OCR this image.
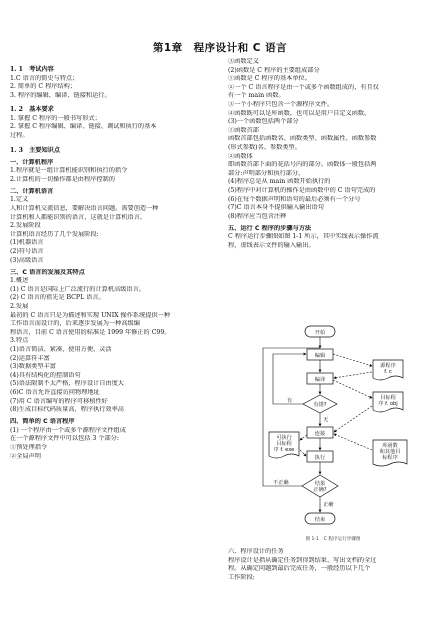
第1章　程序设计和 C 语言
1. 1　考试内容
1.C 语言的简史与特点；
2. 简单的 C 程序结构；
3. 程序的编辑、编译、链接和运行。
1. 2　基本要求
1. 掌握 C 程序的一般书写形式；
2. 掌握 C 程序编辑、编译、链接、调试和执行的基本
过程。
1. 3　主要知识点
一、计算机程序
1.程序就是一组计算机能识别和执行的指令
2.计算机的一切操作都是由程序控制的
二、计算机语言
1.定义
人和计算机交流信息，要解决语言问题。需要创造一种
计算机和人都能识别的语言，这就是计算机语言。
2.发展阶段
计算机语言经历了几个发展阶段:
(1)机器语言
(2)符号语言
(3)高级语言
三、C 语言的发展及其特点
1.概述
(1) C 语言是国际上广泛流行的计算机高级语言。
(2) C 语言的祖先是 BCPL 语言。
2.发展
最初的 C 语言只是为描述和实现 UNIX 操作系统提供一种
工作语言而设计的，后来逐步发展为一种高级编
程语言，目前 C 语言使用的标准是 1999 年修正的 C99。
3.特点
(1)语言简洁、紧凑，使用方便、灵活
(2)运算符丰富
(3)数据类型丰富
(4)具有结构化的控制语句
(5)语法限制不太严格，程序设计自由度大
(6)C 语言允许直接访问物理地址
(7)用 C 语言编写的程序可移植性好
(8)生成目标代码质量高，程序执行效率高
四、简单的 C 语言程序
(1) 一个程序由一个或多个源程序文件组成
在一个源程序文件中可以包括 3 个部分:
①预处理指令
②全局声明
③函数定义
(2)函数是 C 程序的主要组成部分
①函数是 C 程序的基本单位。
②一个 C 语言程序是由一个或多个函数组成的，有且仅
有一个 main 函数。
③一个小程序只包含一个源程序文件。
④函数既可以是库函数，也可以是用户自定义函数。
(3)一个函数包括两个部分
①函数首部
函数首部包括函数名、函数类型、函数属性、函数参数
(形式参数)名、参数类型。
②函数体
即函数首部下面的花括号内的部分。函数体一般包括两
部分:声明部分和执行部分。
(4)程序总是从 main 函数开始执行的
(5)程序中对计算机的操作是由函数中的 C 语句完成的
(6)在每个数据声明和语句的最后必须有一个分号
(7)C 语言本身不提供输入输出语句
(8)程序应当包含注释
五、运行 C 程序的步骤与方法
C 程序运行步骤图如图 1-1 所示，其中实线表示操作流
程，虚线表示文件的输入输出。
开始
编辑
编译
有错?
有
无
连接
执行
结果
正确?
不正确
正确
结束
源程序
f. c
目标程
序 f. obj
库函数
和其他目
标程序
可执行
目标程
序 f. exe
图 1-1　C 程序运行步骤图
六、程序设计的任务
程序设计是指从确定任务到得到结果、写出文档的全过
程。从确定问题到最后完成任务，一般经历以下几个
工作阶段:
